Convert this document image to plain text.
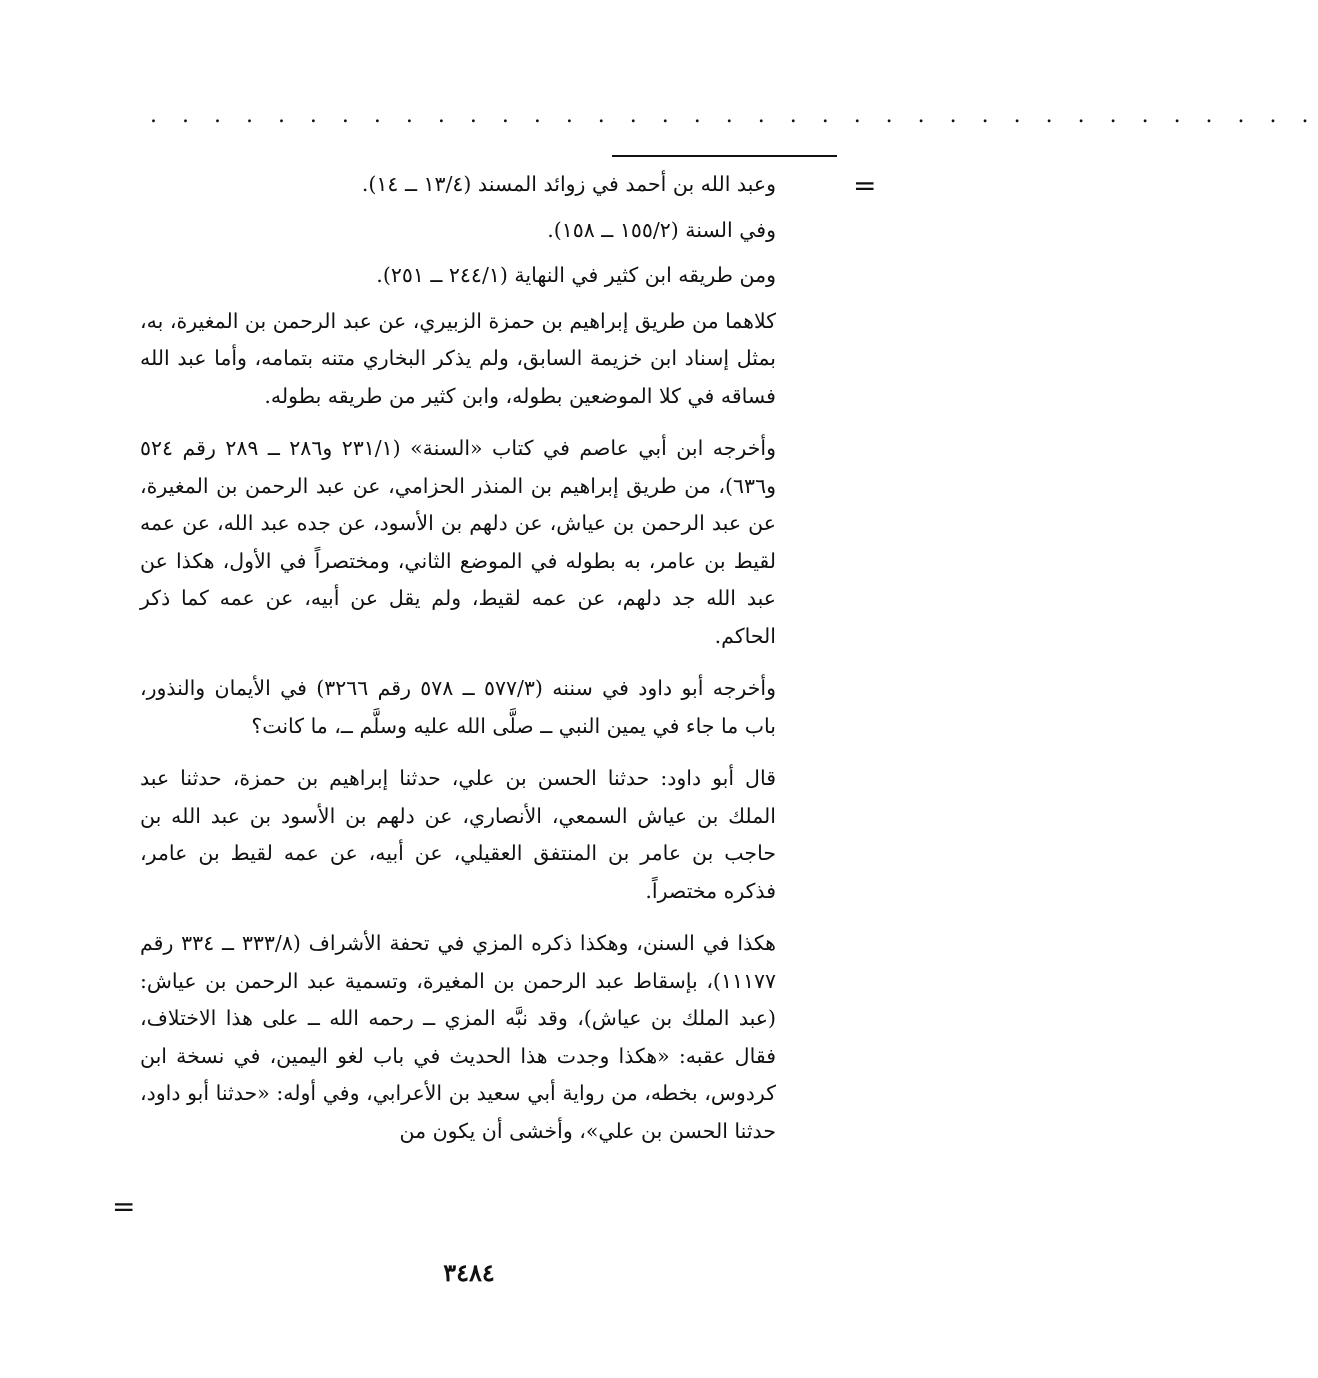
. . . . . . . . . . . . . . . . . . . . . . . . . . . . . . . . . . . . .
=

وعبد الله بن أحمد في زوائد المسند (١٣/٤ ــ ١٤).

وفي السنة (١٥٥/٢ ــ ١٥٨).

ومن طريقه ابن كثير في النهاية (٢٤٤/١ ــ ٢٥١).

كلاهما من طريق إبراهيم بن حمزة الزبيري، عن عبد الرحمن بن المغيرة، به، بمثل إسناد ابن خزيمة السابق، ولم يذكر البخاري متنه بتمامه، وأما عبد الله فساقه في كلا الموضعين بطوله، وابن كثير من طريقه بطوله.

وأخرجه ابن أبي عاصم في كتاب «السنة» (٢٣١/١ و٢٨٦ ــ ٢٨٩ رقم ٥٢٤ و٦٣٦)، من طريق إبراهيم بن المنذر الحزامي، عن عبد الرحمن بن المغيرة، عن عبد الرحمن بن عياش، عن دلهم بن الأسود، عن جده عبد الله، عن عمه لقيط بن عامر، به بطوله في الموضع الثاني، ومختصراً في الأول، هكذا عن عبد الله جد دلهم، عن عمه لقيط، ولم يقل عن أبيه، عن عمه كما ذكر الحاكم.

وأخرجه أبو داود في سننه (٥٧٧/٣ ــ ٥٧٨ رقم ٣٢٦٦) في الأيمان والنذور، باب ما جاء في يمين النبي ــ صلَّى الله عليه وسلَّم ــ، ما كانت؟

قال أبو داود: حدثنا الحسن بن علي، حدثنا إبراهيم بن حمزة، حدثنا عبد الملك بن عياش السمعي، الأنصاري، عن دلهم بن الأسود بن عبد الله بن حاجب بن عامر بن المنتفق العقيلي، عن أبيه، عن عمه لقيط بن عامر، فذكره مختصراً.

هكذا في السنن، وهكذا ذكره المزي في تحفة الأشراف (٣٣٣/٨ ــ ٣٣٤ رقم ١١١٧٧)، بإسقاط عبد الرحمن بن المغيرة، وتسمية عبد الرحمن بن عياش: (عبد الملك بن عياش)، وقد نبَّه المزي ــ رحمه الله ــ على هذا الاختلاف، فقال عقبه: «هكذا وجدت هذا الحديث في باب لغو اليمين، في نسخة ابن كردوس، بخطه، من رواية أبي سعيد بن الأعرابي، وفي أوله: «حدثنا أبو داود، حدثنا الحسن بن علي»، وأخشى أن يكون من

=
٣٤٨٤
